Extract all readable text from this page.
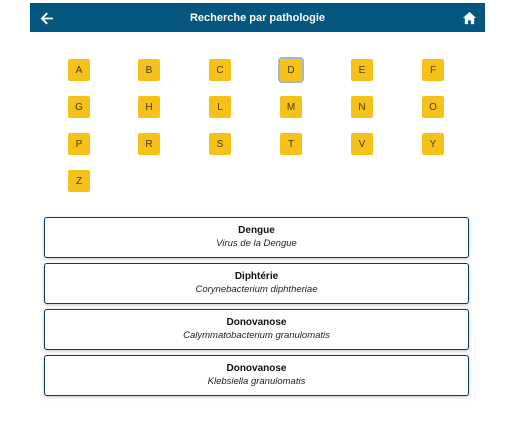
Recherche par pathologie
A	B	C	D	E	F
G	H	L	M	N	O
P	R	S	T	V	Y
Z
Dengue
Virus de la Dengue
Diphtérie
Corynebacterium diphtheriae
Donovanose
Calymmatobacterium granulomatis
Donovanose
Klebsiella granulomatis
